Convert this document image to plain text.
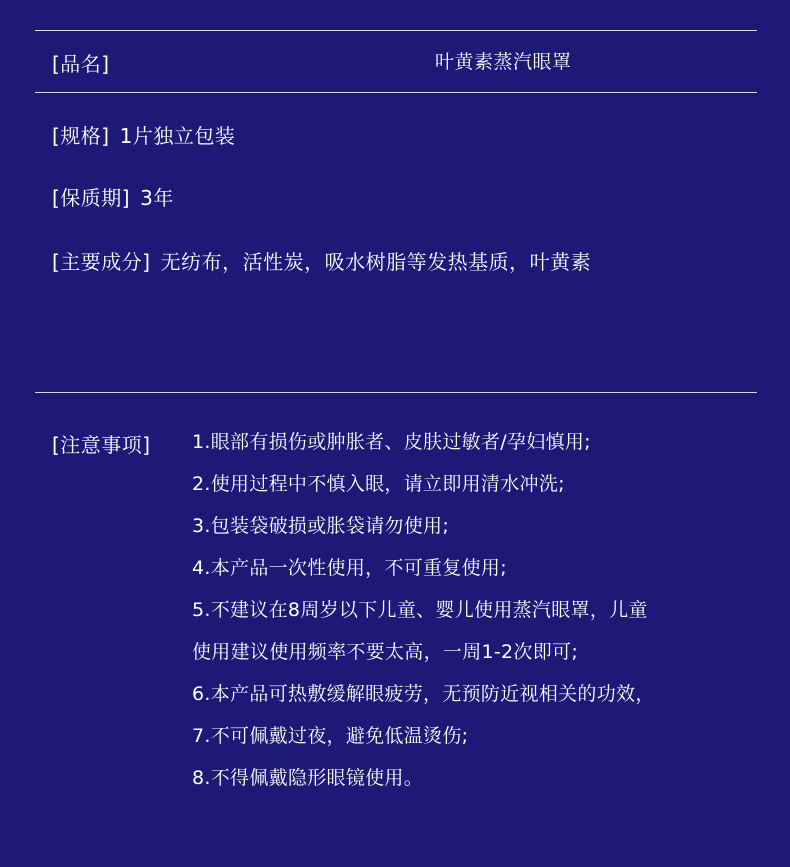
[品名]	叶黄素蒸汽眼罩
[规格] 1片独立包装
[保质期] 3年
[主要成分] 无纺布，活性炭，吸水树脂等发热基质，叶黄素
[注意事项] 1.眼部有损伤或肿胀者、皮肤过敏者/孕妇慎用;
2.使用过程中不慎入眼，请立即用清水冲洗;
3.包装袋破损或胀袋请勿使用;
4.本产品一次性使用，不可重复使用;
5.不建议在8周岁以下儿童、婴儿使用蒸汽眼罩，儿童
使用建议使用频率不要太高，一周1-2次即可;
6.本产品可热敷缓解眼疲劳，无预防近视相关的功效，
7.不可佩戴过夜，避免低温烫伤;
8.不得佩戴隐形眼镜使用。
